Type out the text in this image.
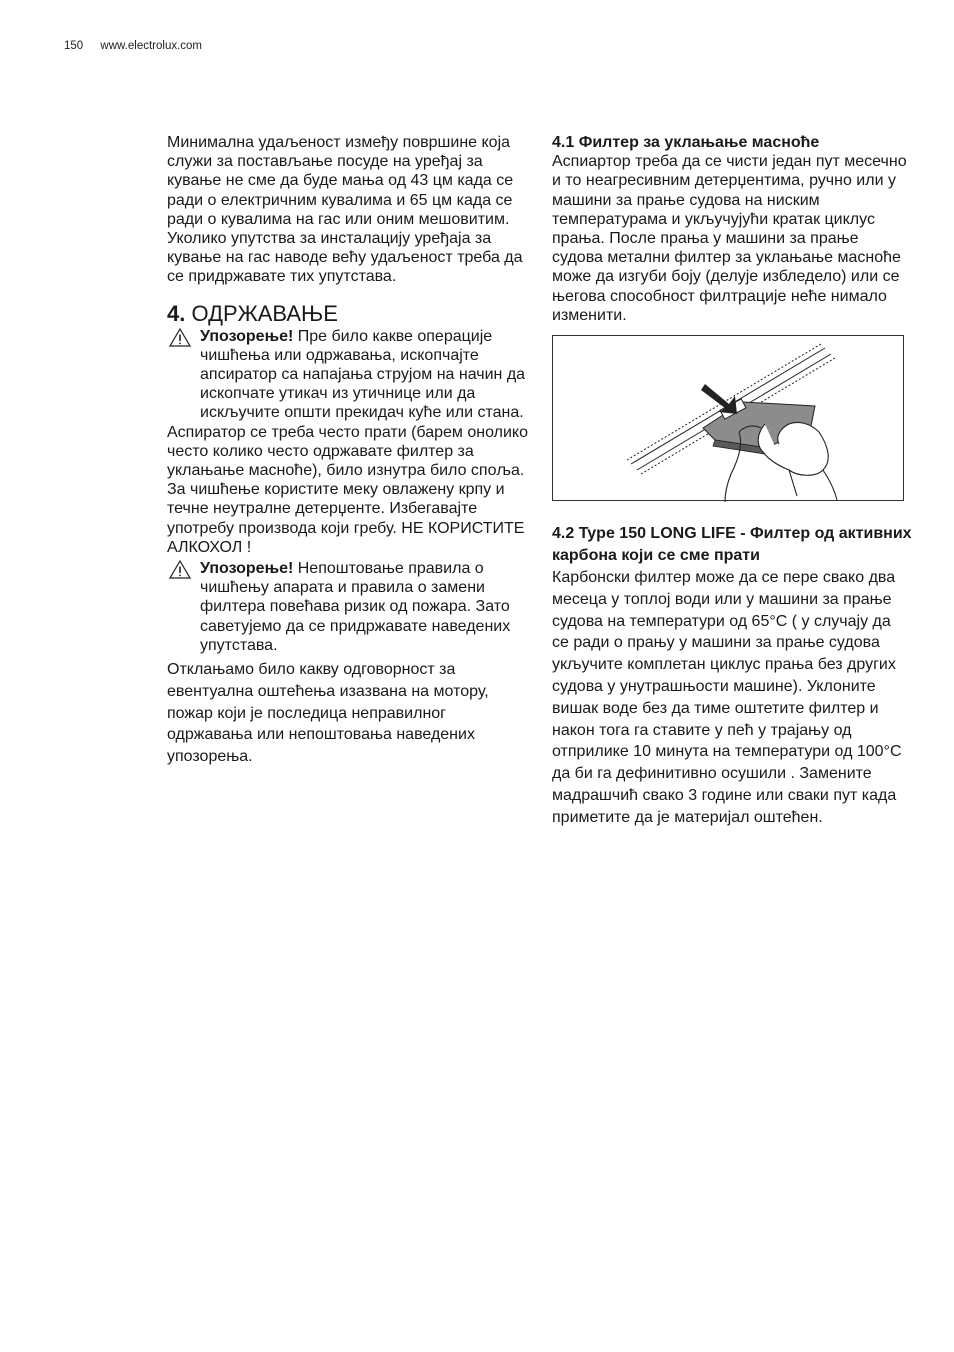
150 www.electrolux.com

Минимална удаљеност између површине која служи за постављање посуде на уређај за кување не сме да буде мања од 43 цм када се ради о електричним кувалима и 65 цм када се ради о кувалима на гас или оним мешовитим. Уколико упутства за инсталацију уређаја за кување на гас наводе већу удаљеност треба да се придржавате тих упутстава.

4. ОДРЖАВАЊЕ
Упозорење! Пре било какве операције чишћења или одржавања, ископчајте апсиратор са напајања струјом на начин да ископчате утикач из утичнице или да искључите општи прекидач куће или стана.

Аспиратор се треба често прати (барем онолико често колико често одржавате филтер за уклањање масноће), било изнутра било споља. За чишћење користите меку овлажену крпу и течне неутралне детерџенте. Избегавајте употребу производа који гребу. НЕ КОРИСТИТЕ АЛКОХОЛ !

Упозорење! Непоштовање правила о чишћењу апарата и правила о замени филтера повећава ризик од пожара. Зато саветујемо да се придржавате наведених упутстава.

Отклањамо било какву одговорност за евентуална оштећења изазвана на мотору, пожар који је последица неправилног одржавања или непоштовања наведених упозорења.

4.1 Филтер за уклањање масноће

Аспиартор треба да се чисти један пут месечно и то неагресивним детерџентима, ручно или у машини за прање судова на ниским температурама и укључујући кратак циклус прања. После прања у машини за прање судова метални филтер за уклањање масноће може да изгуби боју (делује избледело) или се његова способност филтрације неће нимало изменити.

4.2 Type 150 LONG LIFE - Филтер од активних карбона који се сме прати

Карбонски филтер може да се пере свако два месеца у топлој води или у машини за прање судова на температури од 65°C ( у случају да се ради о прању у машини за прање судова укључите комплетан циклус прања без других судова у унутрашњости машине). Уклоните вишак воде без да тиме оштетите филтер и након тога га ставите у пећ у трајању од отприлике 10 минута на температури од 100°C да би га дефинитивно осушили . Замените мадрашчић свако 3 године или сваки пут када приметите да је материјал оштећен.
